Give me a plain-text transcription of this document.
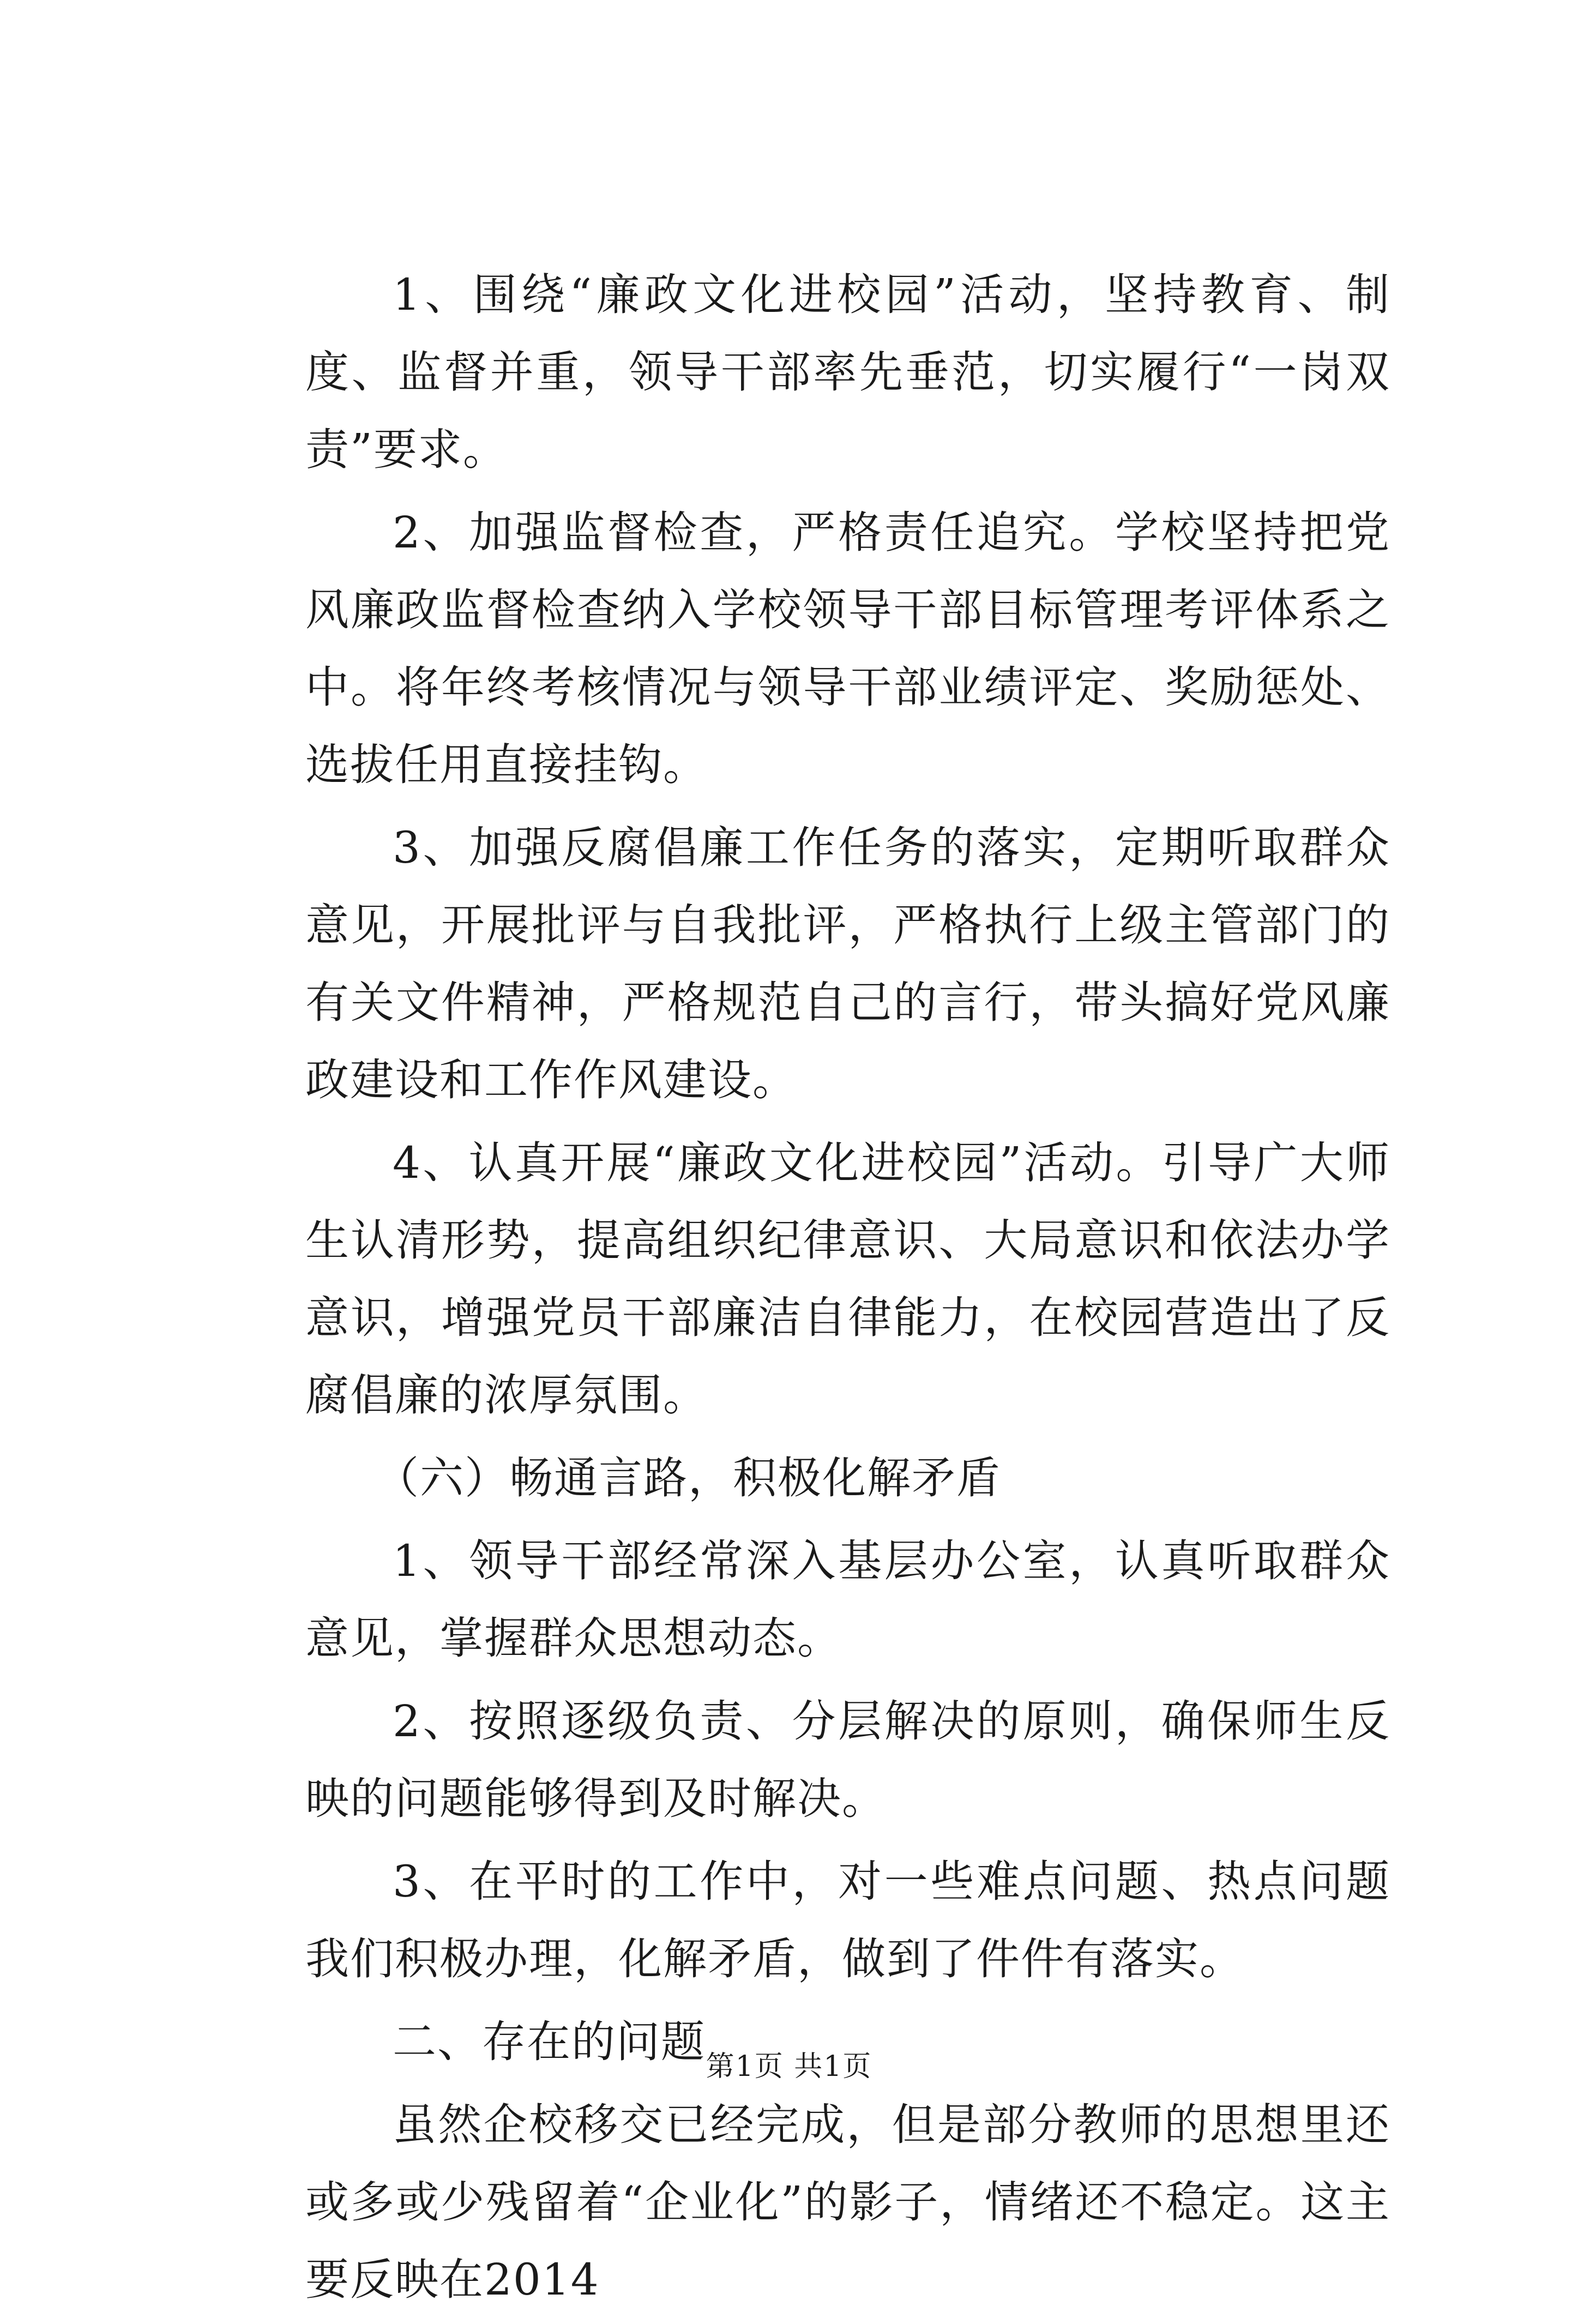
1、围绕“廉政文化进校园”活动，坚持教育、制度、监督并重，领导干部率先垂范，切实履行“一岗双责”要求。

2、加强监督检查，严格责任追究。学校坚持把党风廉政监督检查纳入学校领导干部目标管理考评体系之中。将年终考核情况与领导干部业绩评定、奖励惩处、选拔任用直接挂钩。

3、加强反腐倡廉工作任务的落实，定期听取群众意见，开展批评与自我批评，严格执行上级主管部门的有关文件精神，严格规范自己的言行，带头搞好党风廉政建设和工作作风建设。

4、认真开展“廉政文化进校园”活动。引导广大师生认清形势，提高组织纪律意识、大局意识和依法办学意识，增强党员干部廉洁自律能力，在校园营造出了反腐倡廉的浓厚氛围。

（六）畅通言路，积极化解矛盾

1、领导干部经常深入基层办公室，认真听取群众意见，掌握群众思想动态。

2、按照逐级负责、分层解决的原则，确保师生反映的问题能够得到及时解决。

3、在平时的工作中，对一些难点问题、热点问题我们积极办理，化解矛盾，做到了件件有落实。

二、存在的问题

虽然企校移交已经完成，但是部分教师的思想里还或多或少残留着“企业化”的影子，情绪还不稳定。这主要反映在2014

第1页 共1页
